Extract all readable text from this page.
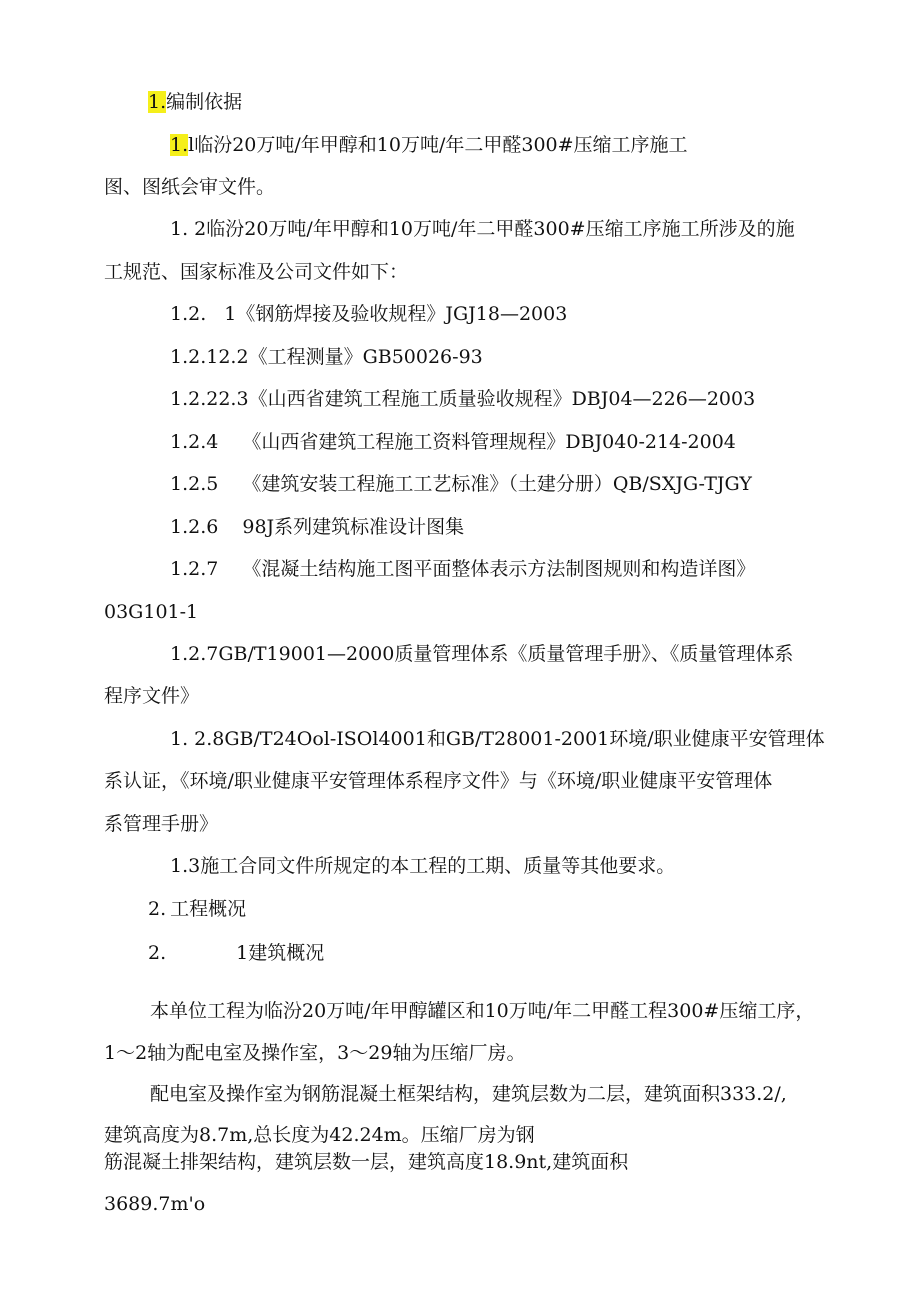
1.编制依据
1.l临汾20万吨/年甲醇和10万吨/年二甲醛300#压缩工序施工
图、图纸会审文件。
1. 2临汾20万吨/年甲醇和10万吨/年二甲醛300#压缩工序施工所涉及的施
工规范、国家标准及公司文件如下：
1.2. 1《钢筋焊接及验收规程》JGJ18—2003
1.2.12.2《工程测量》GB50026-93
1.2.22.3《山西省建筑工程施工质量验收规程》DBJ04—226—2003
1.2.4 《山西省建筑工程施工资料管理规程》DBJ040-214-2004
1.2.5 《建筑安装工程施工工艺标准》（土建分册）QB/SXJG-TJGY
1.2.6 98J系列建筑标准设计图集
1.2.7 《混凝土结构施工图平面整体表示方法制图规则和构造详图》
03G101-1
1.2.7GB/T19001—2000质量管理体系《质量管理手册》、《质量管理体系
程序文件》
1. 2.8GB/T24Ool-ISOl4001和GB/T28001-2001环境/职业健康平安管理体
系认证，《环境/职业健康平安管理体系程序文件》与《环境/职业健康平安管理体
系管理手册》
1.3施工合同文件所规定的本工程的工期、质量等其他要求。
2. 工程概况
2.	1建筑概况
本单位工程为临汾20万吨/年甲醇罐区和10万吨/年二甲醛工程300#压缩工序，
1～2轴为配电室及操作室，3～29轴为压缩厂房。
配电室及操作室为钢筋混凝土框架结构，建筑层数为二层，建筑面积333.2/,
建筑高度为8.7m,总长度为42.24m。压缩厂房为钢
筋混凝土排架结构，建筑层数一层，建筑高度18.9nt,建筑面积
3689.7m'o
